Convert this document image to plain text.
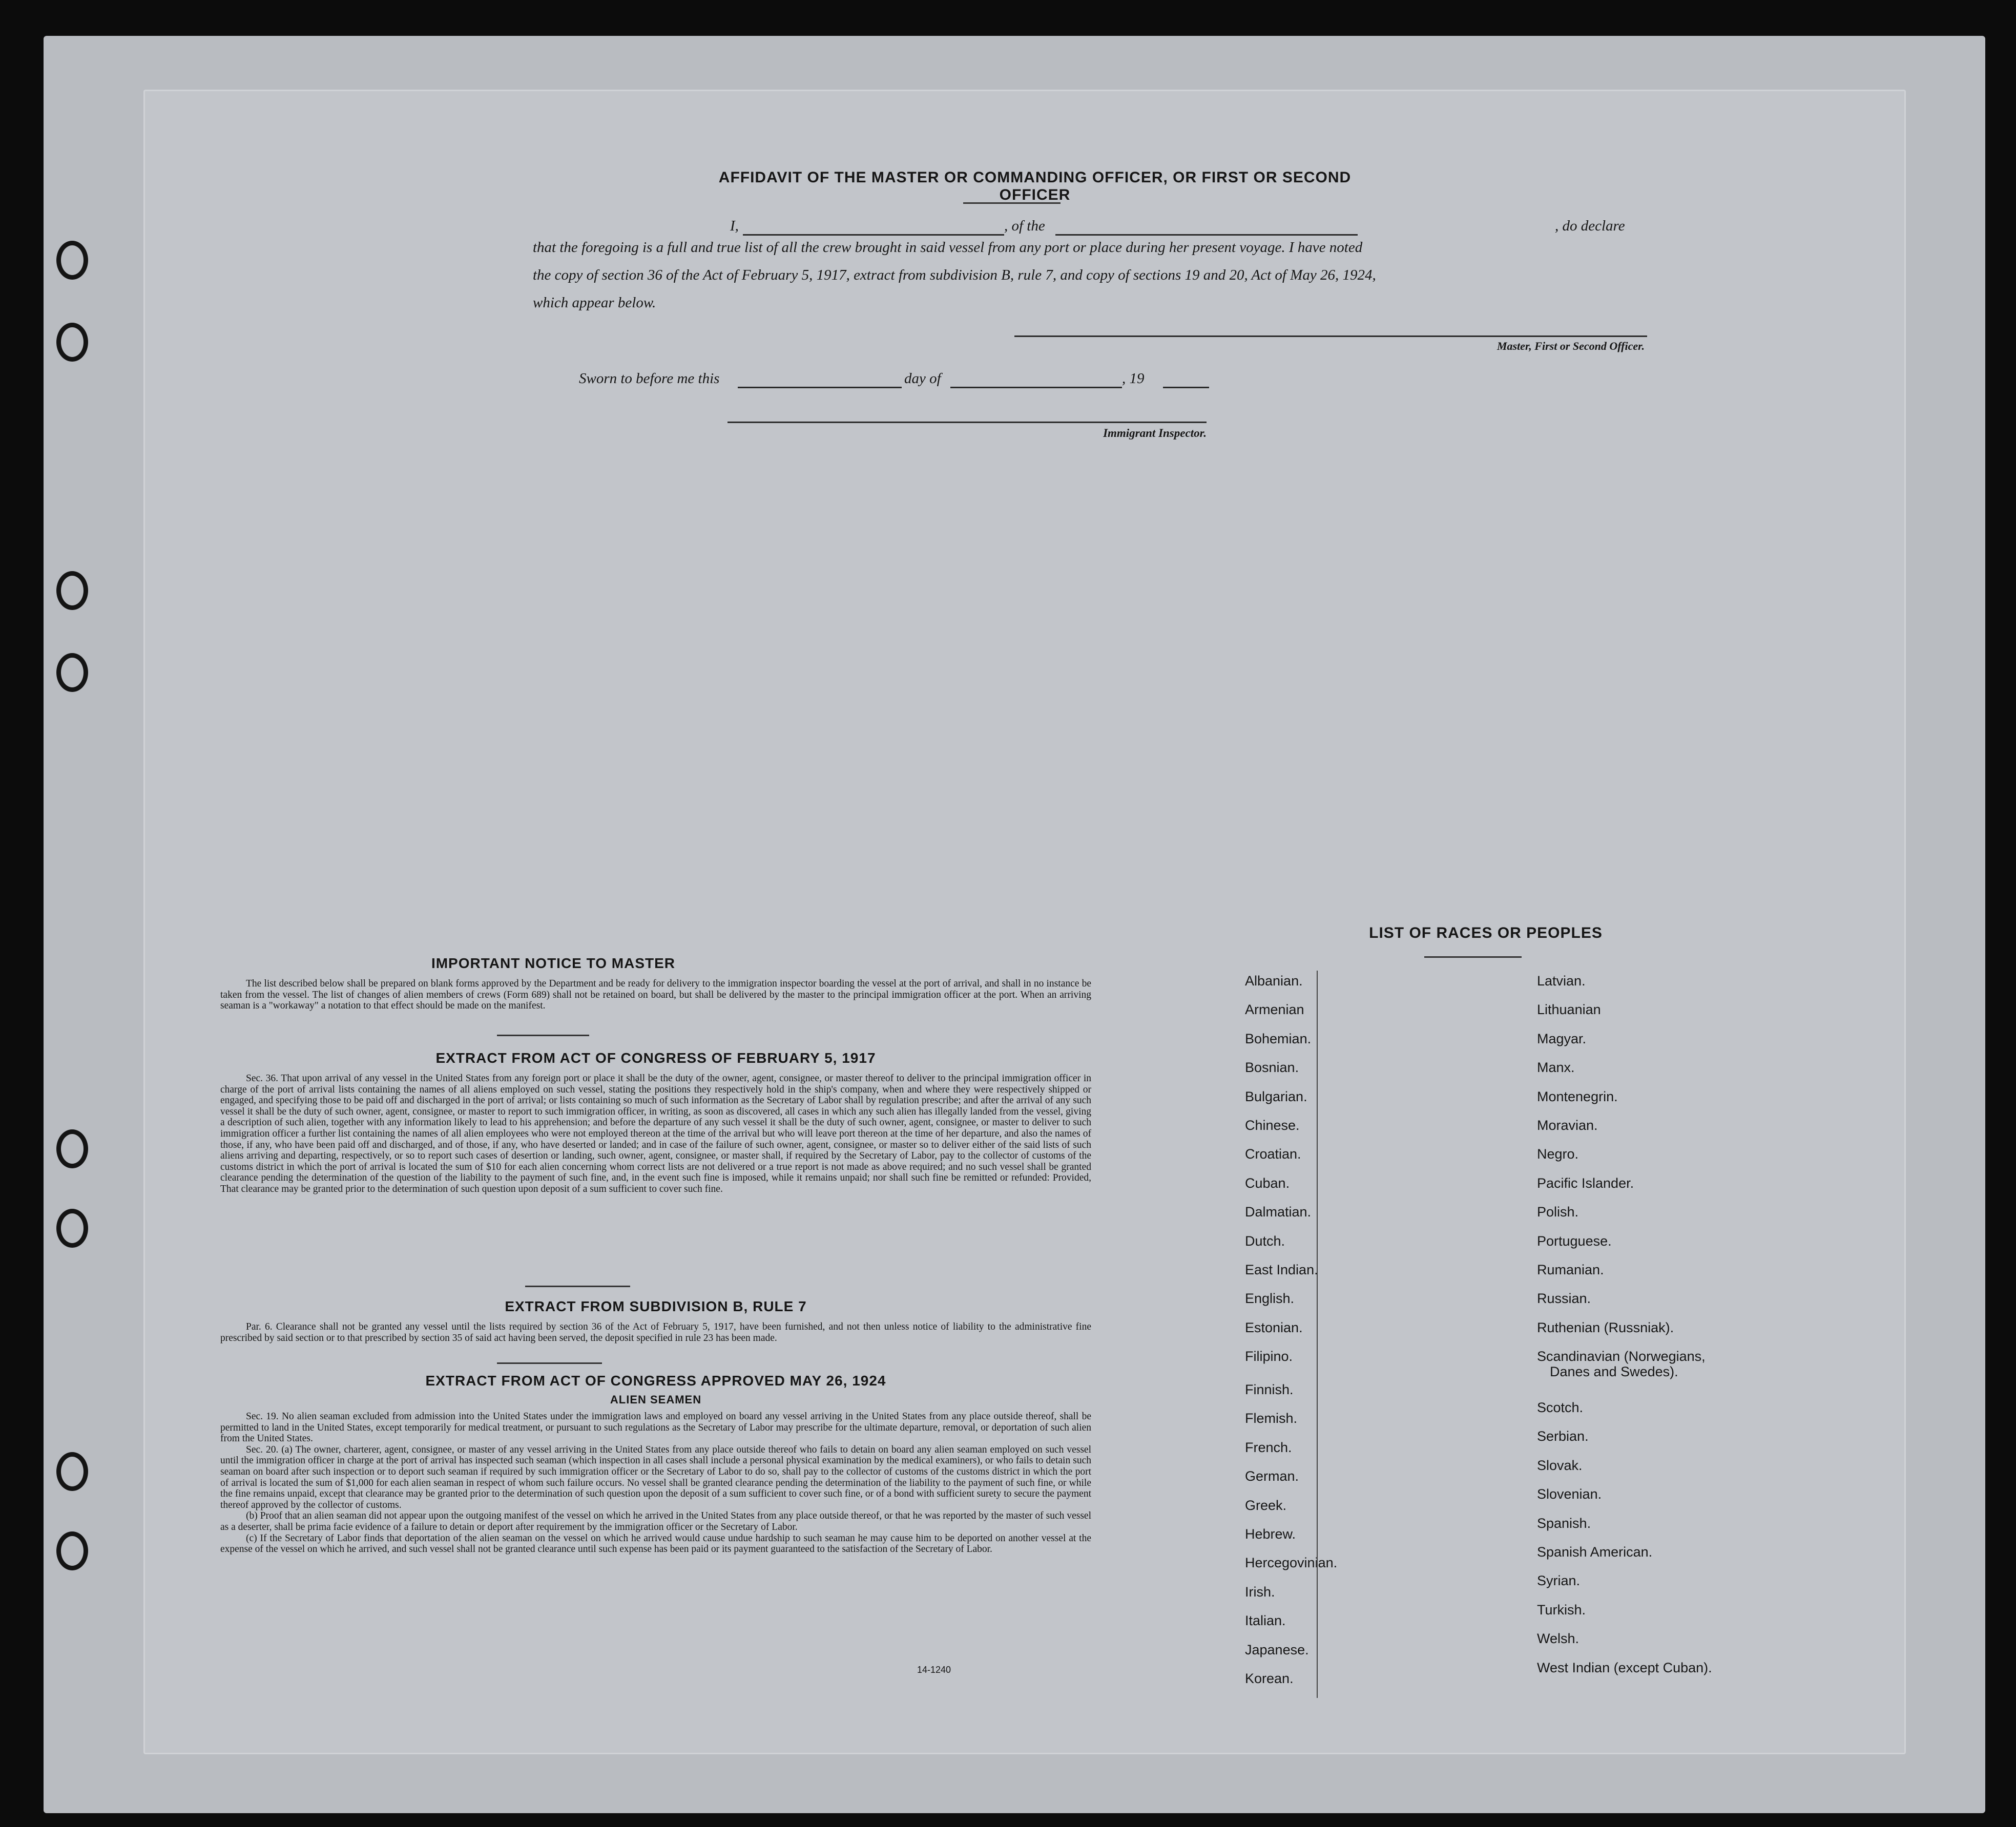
AFFIDAVIT OF THE MASTER OR COMMANDING OFFICER, OR FIRST OR SECOND OFFICER
I,	, of the	, do declare
that the foregoing is a full and true list of all the crew brought in said vessel from any port or place during her present voyage. I have noted
the copy of section 36 of the Act of February 5, 1917, extract from subdivision B, rule 7, and copy of sections 19 and 20, Act of May 26, 1924,
which appear below.
Master, First or Second Officer.
Sworn to before me this	day of	, 19
Immigrant Inspector.
IMPORTANT NOTICE TO MASTER
The list described below shall be prepared on blank forms approved by the Department and be ready for delivery to the immigration inspector boarding the vessel at the port of arrival, and shall in no instance be taken from the vessel. The list of changes of alien members of crews (Form 689) shall not be retained on board, but shall be delivered by the master to the principal immigration officer at the port. When an arriving seaman is a "workaway" a notation to that effect should be made on the manifest.
EXTRACT FROM ACT OF CONGRESS OF FEBRUARY 5, 1917
Sec. 36. That upon arrival of any vessel in the United States from any foreign port or place it shall be the duty of the owner, agent, consignee, or master thereof to deliver to the principal immigration officer in charge of the port of arrival lists containing the names of all aliens employed on such vessel, stating the positions they respectively hold in the ship's company, when and where they were respectively shipped or engaged, and specifying those to be paid off and discharged in the port of arrival; or lists containing so much of such information as the Secretary of Labor shall by regulation prescribe; and after the arrival of any such vessel it shall be the duty of such owner, agent, consignee, or master to report to such immigration officer, in writing, as soon as discovered, all cases in which any such alien has illegally landed from the vessel, giving a description of such alien, together with any information likely to lead to his apprehension; and before the departure of any such vessel it shall be the duty of such owner, agent, consignee, or master to deliver to such immigration officer a further list containing the names of all alien employees who were not employed thereon at the time of the arrival but who will leave port thereon at the time of her departure, and also the names of those, if any, who have been paid off and discharged, and of those, if any, who have deserted or landed; and in case of the failure of such owner, agent, consignee, or master so to deliver either of the said lists of such aliens arriving and departing, respectively, or so to report such cases of desertion or landing, such owner, agent, consignee, or master shall, if required by the Secretary of Labor, pay to the collector of customs of the customs district in which the port of arrival is located the sum of $10 for each alien concerning whom correct lists are not delivered or a true report is not made as above required; and no such vessel shall be granted clearance pending the determination of the question of the liability to the payment of such fine, and, in the event such fine is imposed, while it remains unpaid; nor shall such fine be remitted or refunded: Provided, That clearance may be granted prior to the determination of such question upon deposit of a sum sufficient to cover such fine.
EXTRACT FROM SUBDIVISION B, RULE 7
Par. 6. Clearance shall not be granted any vessel until the lists required by section 36 of the Act of February 5, 1917, have been furnished, and not then unless notice of liability to the administrative fine prescribed by said section or to that prescribed by section 35 of said act having been served, the deposit specified in rule 23 has been made.
EXTRACT FROM ACT OF CONGRESS APPROVED MAY 26, 1924
ALIEN SEAMEN

Sec. 19. No alien seaman excluded from admission into the United States under the immigration laws and employed on board any vessel arriving in the United States from any place outside thereof, shall be permitted to land in the United States, except temporarily for medical treatment, or pursuant to such regulations as the Secretary of Labor may prescribe for the ultimate departure, removal, or deportation of such alien from the United States.

Sec. 20. (a) The owner, charterer, agent, consignee, or master of any vessel arriving in the United States from any place outside thereof who fails to detain on board any alien seaman employed on such vessel until the immigration officer in charge at the port of arrival has inspected such seaman (which inspection in all cases shall include a personal physical examination by the medical examiners), or who fails to detain such seaman on board after such inspection or to deport such seaman if required by such immigration officer or the Secretary of Labor to do so, shall pay to the collector of customs of the customs district in which the port of arrival is located the sum of $1,000 for each alien seaman in respect of whom such failure occurs. No vessel shall be granted clearance pending the determination of the liability to the payment of such fine, or while the fine remains unpaid, except that clearance may be granted prior to the determination of such question upon the deposit of a sum sufficient to cover such fine, or of a bond with sufficient surety to secure the payment thereof approved by the collector of customs.

(b) Proof that an alien seaman did not appear upon the outgoing manifest of the vessel on which he arrived in the United States from any place outside thereof, or that he was reported by the master of such vessel as a deserter, shall be prima facie evidence of a failure to detain or deport after requirement by the immigration officer or the Secretary of Labor.

(c) If the Secretary of Labor finds that deportation of the alien seaman on the vessel on which he arrived would cause undue hardship to such seaman he may cause him to be deported on another vessel at the expense of the vessel on which he arrived, and such vessel shall not be granted clearance until such expense has been paid or its payment guaranteed to the satisfaction of the Secretary of Labor.

14-1240
LIST OF RACES OR PEOPLES
Albanian.
Armenian
Bohemian.
Bosnian.
Bulgarian.
Chinese.
Croatian.
Cuban.
Dalmatian.
Dutch.
East Indian.
English.
Estonian.
Filipino.
Finnish.
Flemish.
French.
German.
Greek.
Hebrew.
Hercegovinian.
Irish.
Italian.
Japanese.
Korean.
Latvian.
Lithuanian
Magyar.
Manx.
Montenegrin.
Moravian.
Negro.
Pacific Islander.
Polish.
Portuguese.
Rumanian.
Russian.
Ruthenian (Russniak).
Scandinavian (Norwegians,
Danes and Swedes).
Scotch.
Serbian.
Slovak.
Slovenian.
Spanish.
Spanish American.
Syrian.
Turkish.
Welsh.
West Indian (except Cuban).
